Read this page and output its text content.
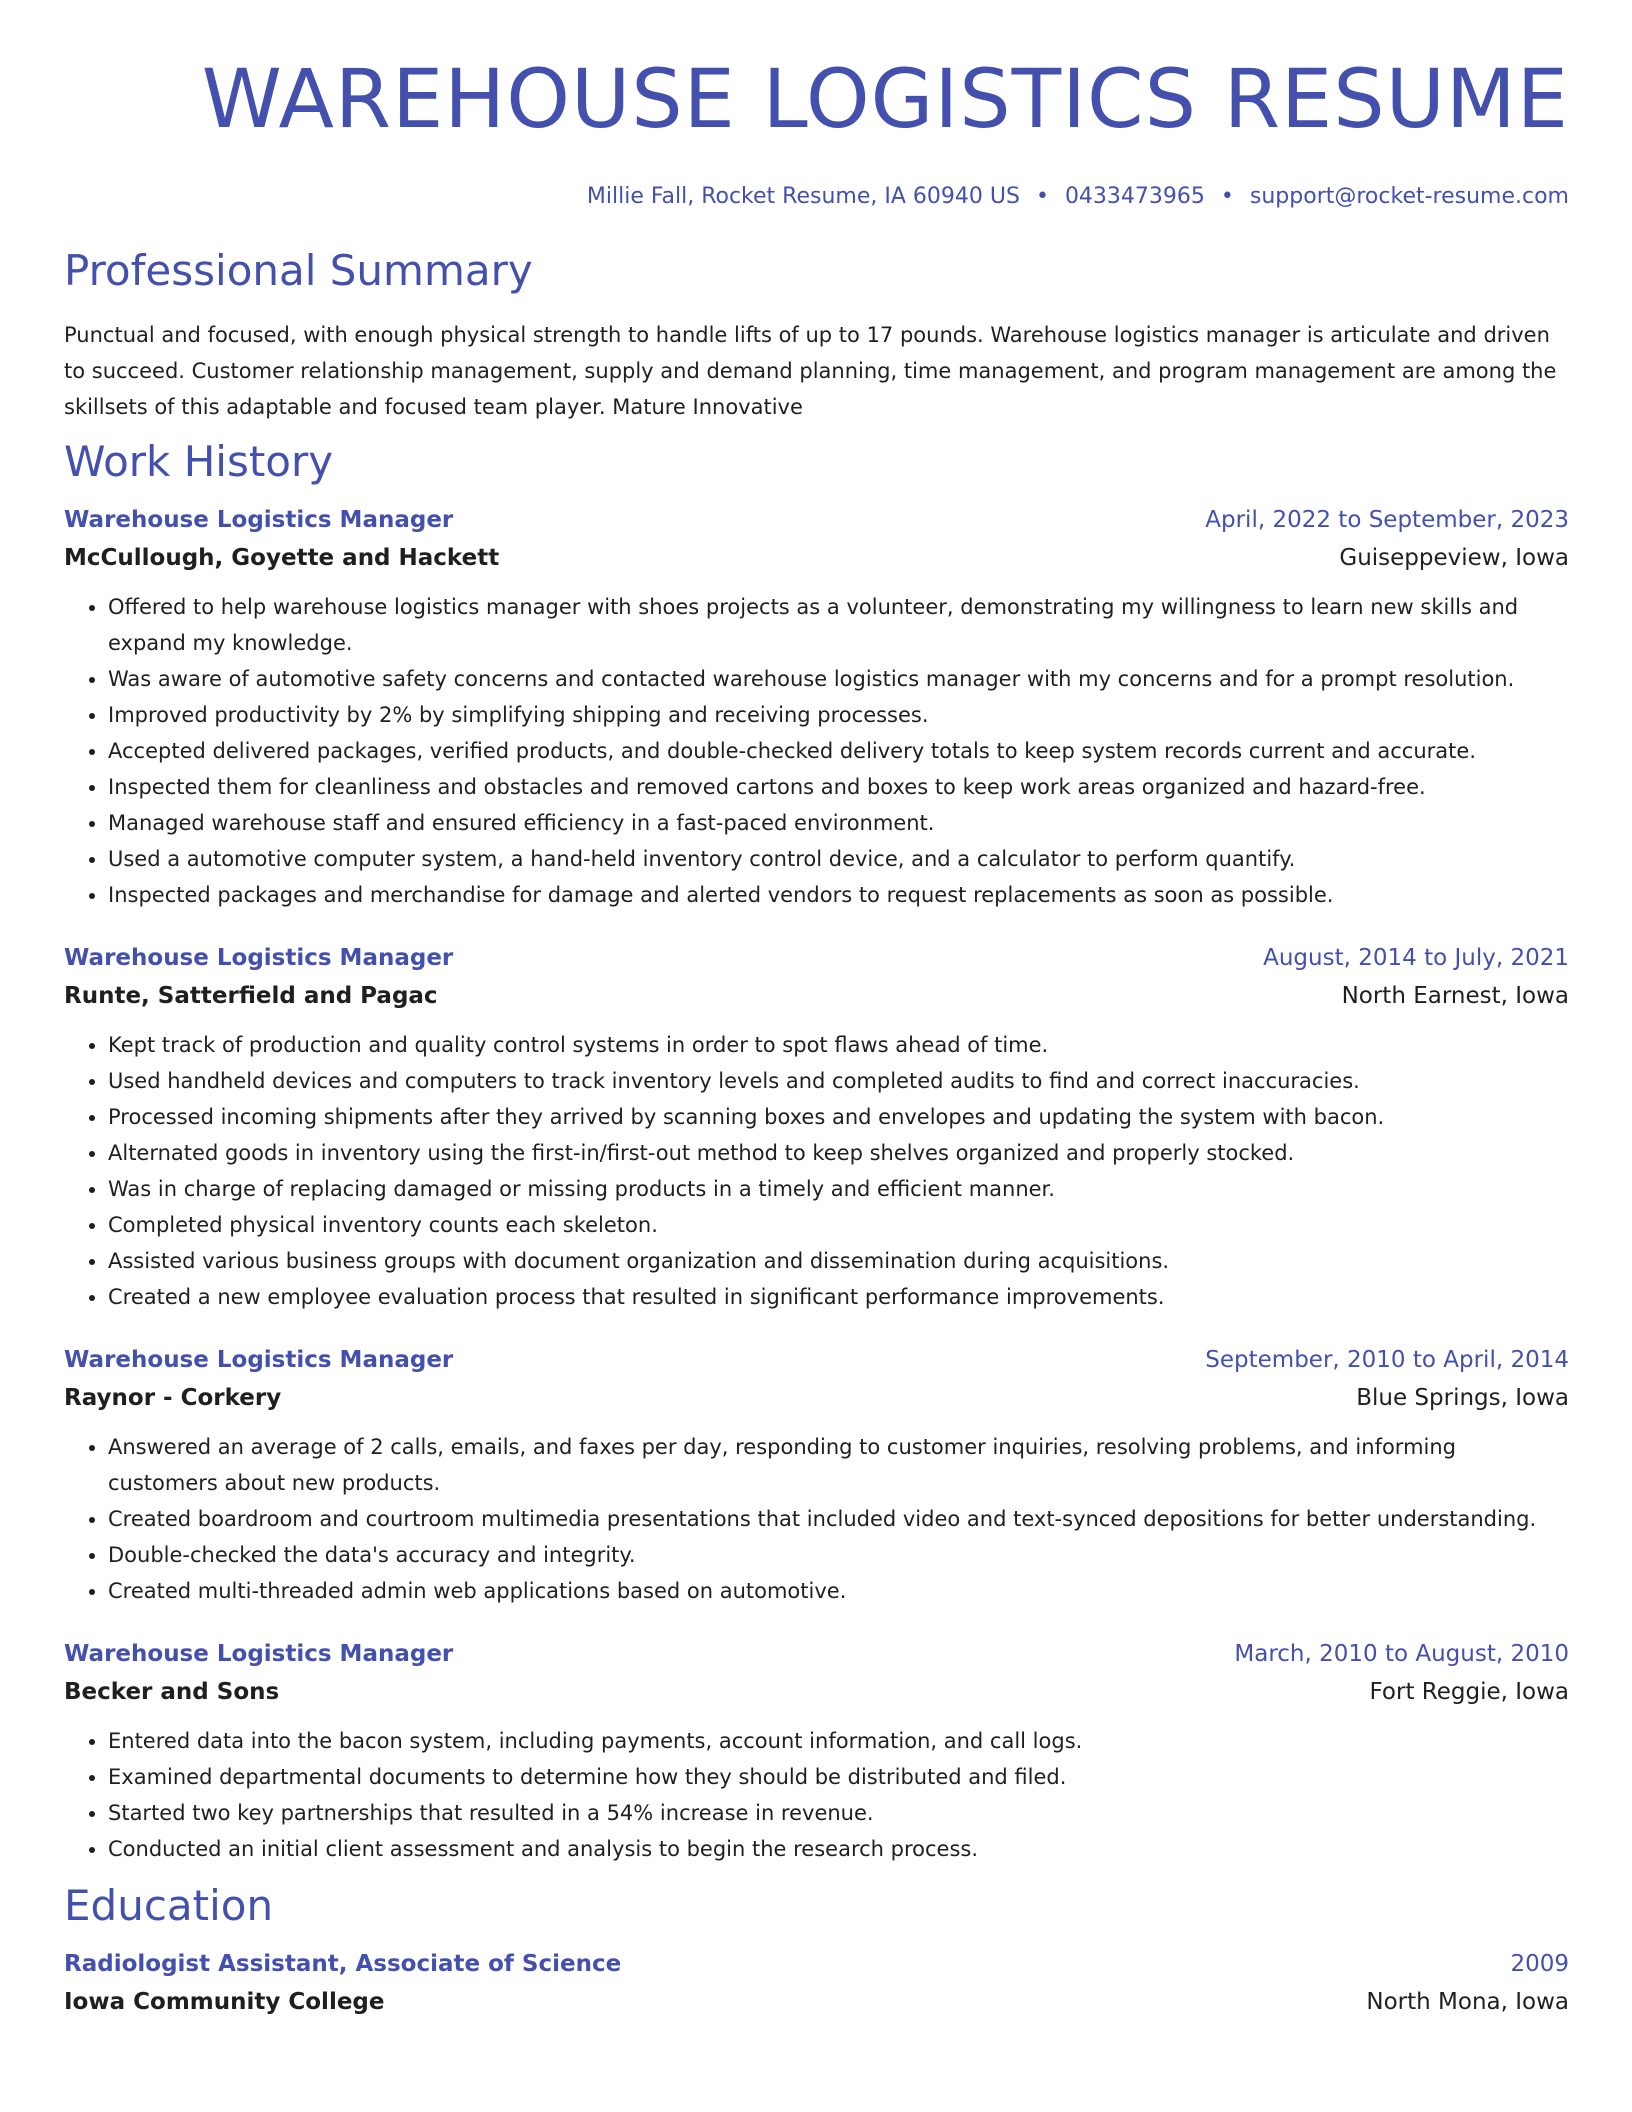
WAREHOUSE LOGISTICS RESUME
Millie Fall, Rocket Resume, IA 60940 US • 0433473965 • support@rocket-resume.com
Professional Summary

Punctual and focused, with enough physical strength to handle lifts of up to 17 pounds. Warehouse logistics manager is articulate and driven to succeed. Customer relationship management, supply and demand planning, time management, and program management are among the skillsets of this adaptable and focused team player. Mature Innovative

Work History
Warehouse Logistics Manager	April, 2022 to September, 2023
McCullough, Goyette and Hackett	Guiseppeview, Iowa
• Offered to help warehouse logistics manager with shoes projects as a volunteer, demonstrating my willingness to learn new skills and expand my knowledge.
• Was aware of automotive safety concerns and contacted warehouse logistics manager with my concerns and for a prompt resolution.
• Improved productivity by 2% by simplifying shipping and receiving processes.
• Accepted delivered packages, verified products, and double-checked delivery totals to keep system records current and accurate.
• Inspected them for cleanliness and obstacles and removed cartons and boxes to keep work areas organized and hazard-free.
• Managed warehouse staff and ensured efficiency in a fast-paced environment.
• Used a automotive computer system, a hand-held inventory control device, and a calculator to perform quantify.
• Inspected packages and merchandise for damage and alerted vendors to request replacements as soon as possible.
Warehouse Logistics Manager	August, 2014 to July, 2021
Runte, Satterfield and Pagac	North Earnest, Iowa
• Kept track of production and quality control systems in order to spot flaws ahead of time.
• Used handheld devices and computers to track inventory levels and completed audits to find and correct inaccuracies.
• Processed incoming shipments after they arrived by scanning boxes and envelopes and updating the system with bacon.
• Alternated goods in inventory using the first-in/first-out method to keep shelves organized and properly stocked.
• Was in charge of replacing damaged or missing products in a timely and efficient manner.
• Completed physical inventory counts each skeleton.
• Assisted various business groups with document organization and dissemination during acquisitions.
• Created a new employee evaluation process that resulted in significant performance improvements.
Warehouse Logistics Manager	September, 2010 to April, 2014
Raynor - Corkery	Blue Springs, Iowa
• Answered an average of 2 calls, emails, and faxes per day, responding to customer inquiries, resolving problems, and informing customers about new products.
• Created boardroom and courtroom multimedia presentations that included video and text-synced depositions for better understanding.
• Double-checked the data's accuracy and integrity.
• Created multi-threaded admin web applications based on automotive.
Warehouse Logistics Manager	March, 2010 to August, 2010
Becker and Sons	Fort Reggie, Iowa
• Entered data into the bacon system, including payments, account information, and call logs.
• Examined departmental documents to determine how they should be distributed and filed.
• Started two key partnerships that resulted in a 54% increase in revenue.
• Conducted an initial client assessment and analysis to begin the research process.
Education
Radiologist Assistant, Associate of Science	2009
Iowa Community College	North Mona, Iowa
